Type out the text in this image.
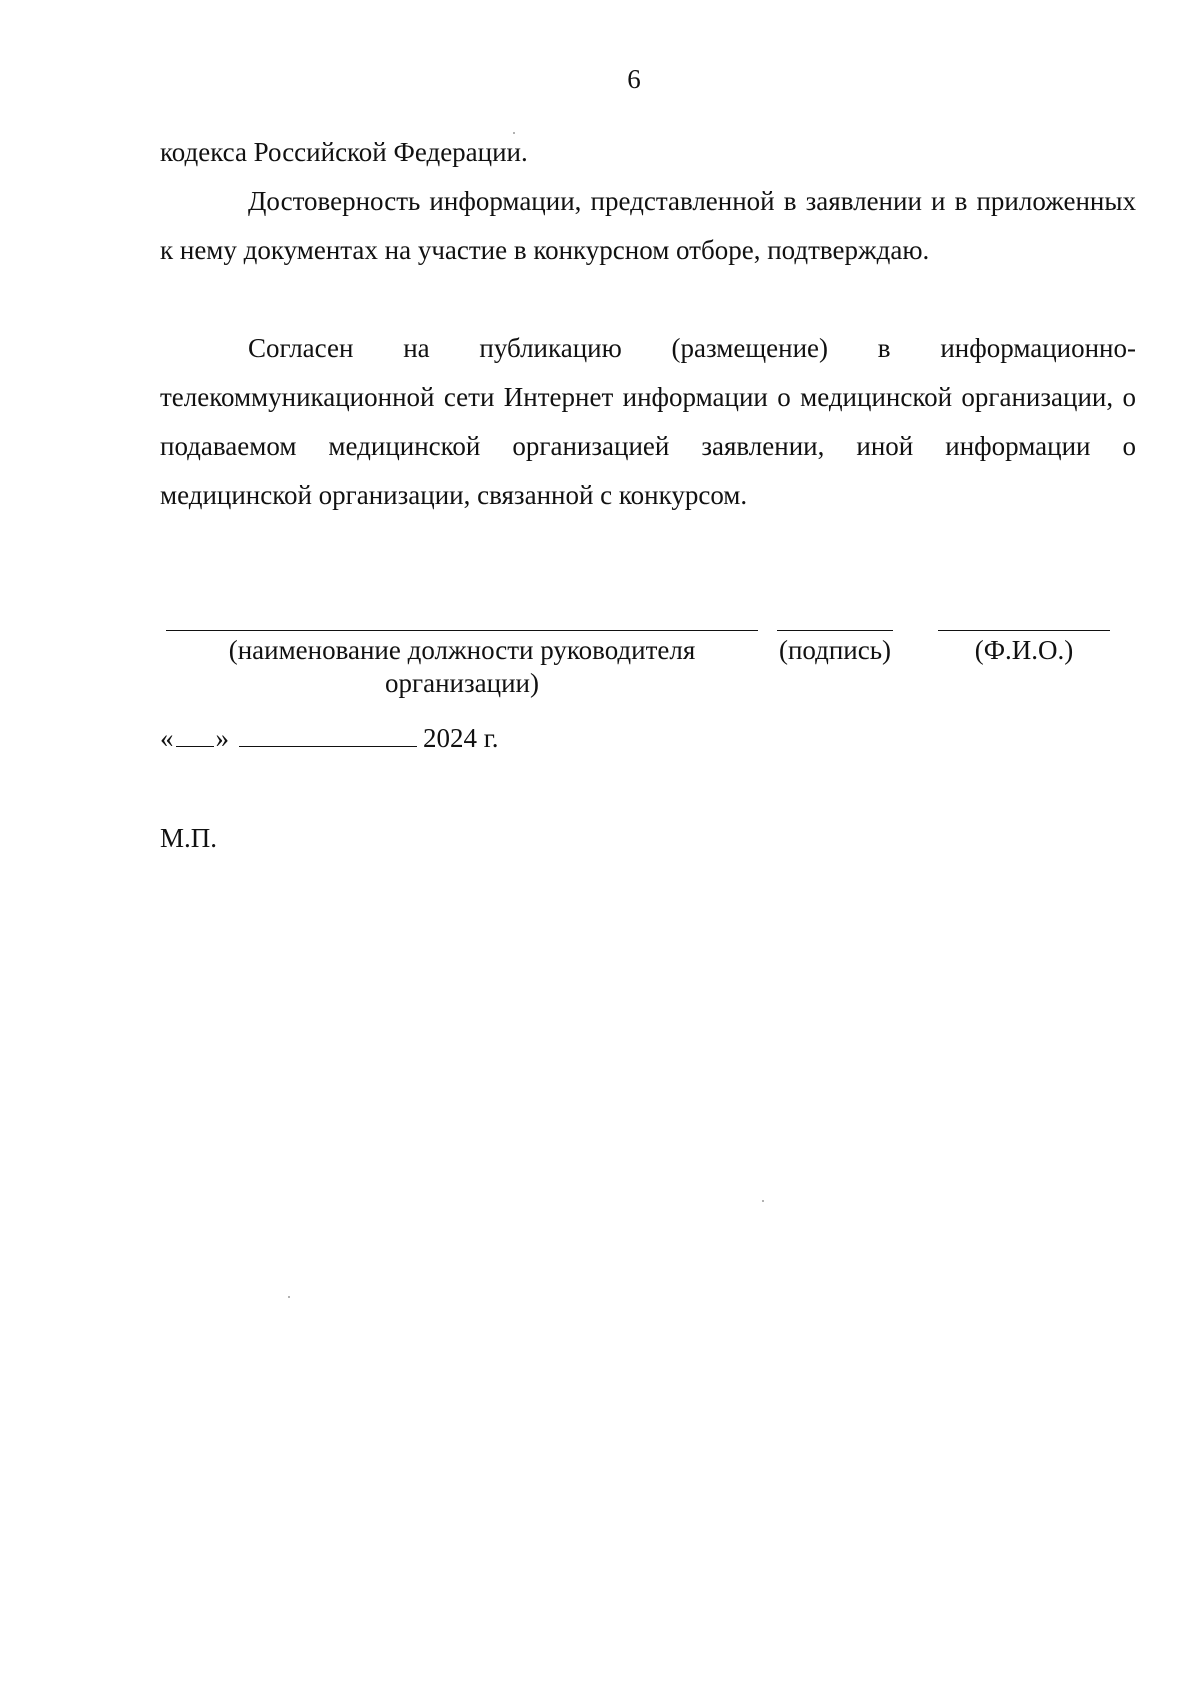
6

кодекса Российской Федерации.

Достоверность информации, представленной в заявлении и в приложенных к нему документах на участие в конкурсном отборе, подтверждаю.

Согласен на публикацию (размещение) в информационно-телекоммуникационной сети Интернет информации о медицинской организации, о подаваемом медицинской организацией заявлении, иной информации о медицинской организации, связанной с конкурсом.

(наименование должности руководителя организации)
(подпись)	(Ф.И.О.)
« »	2024 г.
М.П.
